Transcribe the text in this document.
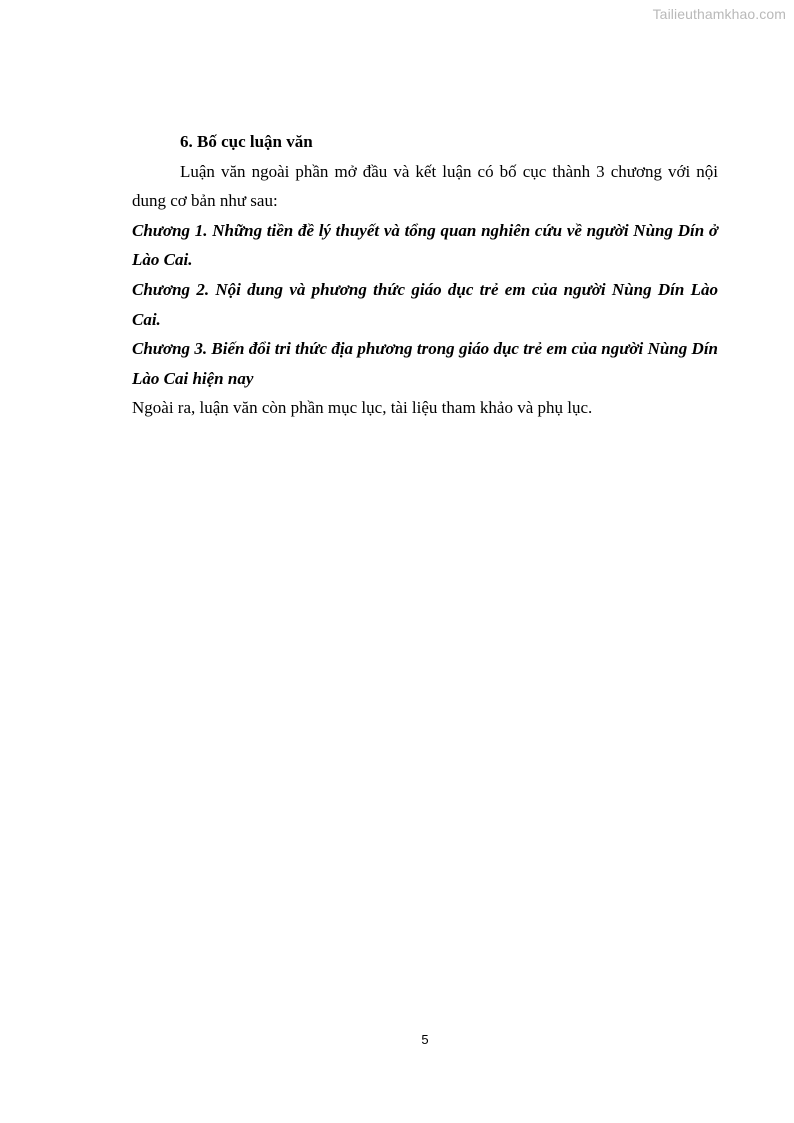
Tailieuthamkhao.com

6. Bố cục luận văn

Luận văn ngoài phần mở đầu và kết luận có bố cục thành 3 chương với nội dung cơ bản như sau:

Chương 1. Những tiền đề lý thuyết và tổng quan nghiên cứu về người Nùng Dín ở Lào Cai.

Chương 2. Nội dung và phương thức giáo dục trẻ em của người Nùng Dín Lào Cai.

Chương 3. Biến đổi tri thức địa phương trong giáo dục trẻ em của người Nùng Dín Lào Cai hiện nay

Ngoài ra, luận văn còn phần mục lục, tài liệu tham khảo và phụ lục.

5
